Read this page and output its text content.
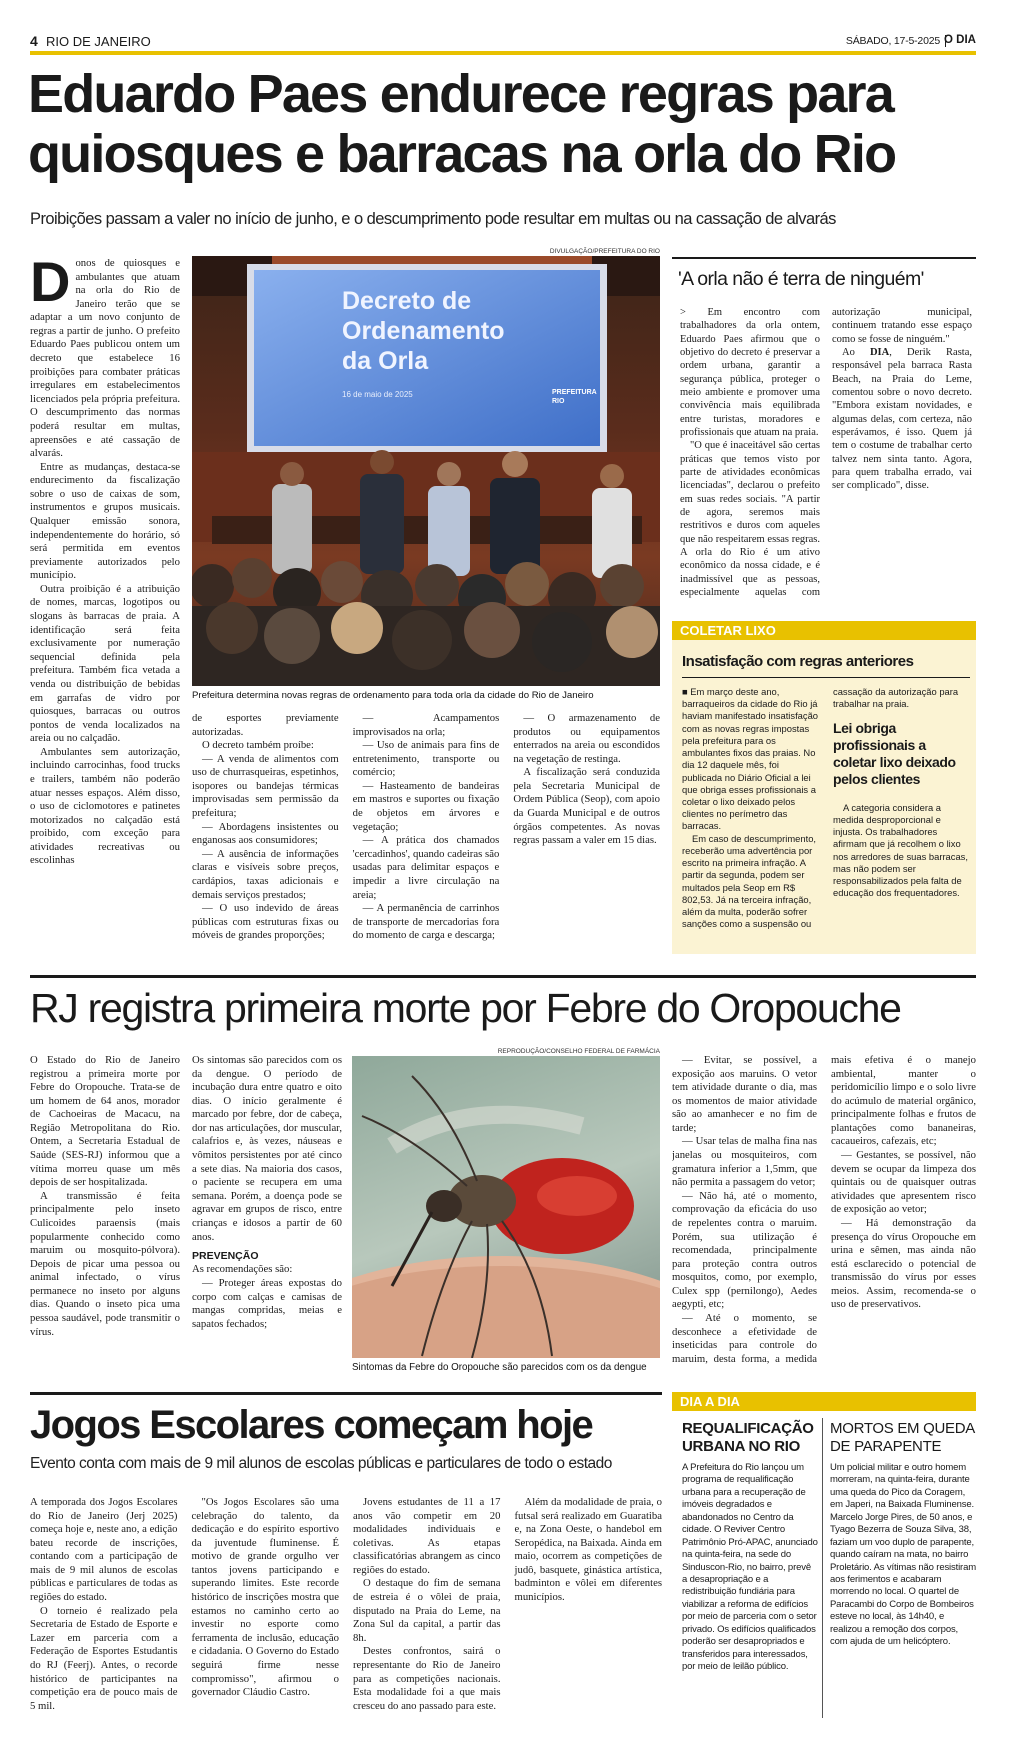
4 RIO DE JANEIRO	SÁBADO, 17-5-2025 O DIA
Eduardo Paes endurece regras para
quiosques e barracas na orla do Rio
Proibições passam a valer no início de junho, e o descumprimento pode resultar em multas ou na cassação de alvarás
DIVULGAÇÃO/PREFEITURA DO RIO
Decreto de Ordenamento da Orla
16 de maio de 2025	PREFEITURA RIO
Prefeitura determina novas regras de ordenamento para toda orla da cidade do Rio de Janeiro

Donos de quiosques e ambulantes que atuam na orla do Rio de Janeiro terão que se adaptar a um novo conjunto de regras a partir de junho. O prefeito Eduardo Paes publicou ontem um decreto que estabelece 16 proibições para combater práticas irregulares em estabelecimentos licenciados pela própria prefeitura. O descumprimento das normas poderá resultar em multas, apreensões e até cassação de alvarás.

Entre as mudanças, destaca-se endurecimento da fiscalização sobre o uso de caixas de som, instrumentos e grupos musicais. Qualquer emissão sonora, independentemente do horário, só será permitida em eventos previamente autorizados pelo município.

Outra proibição é a atribuição de nomes, marcas, logotipos ou slogans às barracas de praia. A identificação será feita exclusivamente por numeração sequencial definida pela prefeitura. Também fica vetada a venda ou distribuição de bebidas em garrafas de vidro por quiosques, barracas ou outros pontos de venda localizados na areia ou no calçadão.

Ambulantes sem autorização, incluindo carrocinhas, food trucks e trailers, também não poderão atuar nesses espaços. Além disso, o uso de ciclomotores e patinetes motorizados no calçadão está proibido, com exceção para atividades recreativas ou escolinhas

de esportes previamente autorizadas.

O decreto também proíbe:

— A venda de alimentos com uso de churrasqueiras, espetinhos, isopores ou bandejas térmicas improvisadas sem permissão da prefeitura;

— Abordagens insistentes ou enganosas aos consumidores;

— A ausência de informações claras e visíveis sobre preços, cardápios, taxas adicionais e demais serviços prestados;

— O uso indevido de áreas públicas com estruturas fixas ou móveis de grandes proporções;

— Acampamentos improvisados na orla;

— Uso de animais para fins de entretenimento, transporte ou comércio;

— Hasteamento de bandeiras em mastros e suportes ou fixação de objetos em árvores e vegetação;

— A prática dos chamados 'cercadinhos', quando cadeiras são usadas para delimitar espaços e impedir a livre circulação na areia;

— A permanência de carrinhos de transporte de mercadorias fora do momento de carga e descarga;

— O armazenamento de produtos ou equipamentos enterrados na areia ou escondidos na vegetação de restinga.

A fiscalização será conduzida pela Secretaria Municipal de Ordem Pública (Seop), com apoio da Guarda Municipal e de outros órgãos competentes. As novas regras passam a valer em 15 dias.

'A orla não é terra de ninguém'

> Em encontro com trabalhadores da orla ontem, Eduardo Paes afirmou que o objetivo do decreto é preservar a ordem urbana, garantir a segurança pública, proteger o meio ambiente e promover uma convivência mais equilibrada entre turistas, moradores e profissionais que atuam na praia.

"O que é inaceitável são certas práticas que temos visto por parte de atividades econômicas licenciadas", declarou o prefeito em suas redes sociais. "A partir de agora, seremos mais restritivos e duros com aqueles que não respeitarem essas regras. A orla do Rio é um ativo econômico da nossa cidade, e é inadmissível que as pessoas, especialmente aquelas com autorização municipal, continuem tratando esse espaço como se fosse de ninguém."

Ao DIA, Derik Rasta, responsável pela barraca Rasta Beach, na Praia do Leme, comentou sobre o novo decreto. "Embora existam novidades, e algumas delas, com certeza, não esperávamos, é isso. Quem já tem o costume de trabalhar certo talvez nem sinta tanto. Agora, para quem trabalha errado, vai ser complicado", disse.

COLETAR LIXO
Insatisfação com regras anteriores

■ Em março deste ano, barraqueiros da cidade do Rio já haviam manifestado insatisfação com as novas regras impostas pela prefeitura para os ambulantes fixos das praias. No dia 12 daquele mês, foi publicada no Diário Oficial a lei que obriga esses profissionais a coletar o lixo deixado pelos clientes no perímetro das barracas.

Em caso de descumprimento, receberão uma advertência por escrito na primeira infração. A partir da segunda, podem ser multados pela Seop em R$ 802,53. Já na terceira infração, além da multa, poderão sofrer sanções como a suspensão ou cassação da autorização para trabalhar na praia.

Lei obriga profissionais a coletar lixo deixado pelos clientes

A categoria considera a medida desproporcional e injusta. Os trabalhadores afirmam que já recolhem o lixo nos arredores de suas barracas, mas não podem ser responsabilizados pela falta de educação dos frequentadores.

RJ registra primeira morte por Febre do Oropouche
REPRODUÇÃO/CONSELHO FEDERAL DE FARMÁCIA
Sintomas da Febre do Oropouche são parecidos com os da dengue

O Estado do Rio de Janeiro registrou a primeira morte por Febre do Oropouche. Trata-se de um homem de 64 anos, morador de Cachoeiras de Macacu, na Região Metropolitana do Rio. Ontem, a Secretaria Estadual de Saúde (SES-RJ) informou que a vítima morreu quase um mês depois de ser hospitalizada.

A transmissão é feita principalmente pelo inseto Culicoides paraensis (mais popularmente conhecido como maruim ou mosquito-pólvora). Depois de picar uma pessoa ou animal infectado, o vírus permanece no inseto por alguns dias. Quando o inseto pica uma pessoa saudável, pode transmitir o vírus.

Os sintomas são parecidos com os da dengue. O período de incubação dura entre quatro e oito dias. O início geralmente é marcado por febre, dor de cabeça, dor nas articulações, dor muscular, calafrios e, às vezes, náuseas e vômitos persistentes por até cinco a sete dias. Na maioria dos casos, o paciente se recupera em uma semana. Porém, a doença pode se agravar em grupos de risco, entre crianças e idosos a partir de 60 anos.

PREVENÇÃO

As recomendações são:

— Proteger áreas expostas do corpo com calças e camisas de mangas compridas, meias e sapatos fechados;

— Evitar, se possível, a exposição aos maruins. O vetor tem atividade durante o dia, mas os momentos de maior atividade são ao amanhecer e no fim de tarde;

— Usar telas de malha fina nas janelas ou mosquiteiros, com gramatura inferior a 1,5mm, que não permita a passagem do vetor;

— Não há, até o momento, comprovação da eficácia do uso de repelentes contra o maruim. Porém, sua utilização é recomendada, principalmente para proteção contra outros mosquitos, como, por exemplo, Culex spp (pernilongo), Aedes aegypti, etc;

— Até o momento, se desconhece a efetividade de inseticidas para controle do maruim, desta forma, a medida mais efetiva é o manejo ambiental, manter o peridomicílio limpo e o solo livre do acúmulo de material orgânico, principalmente folhas e frutos de plantações como bananeiras, cacaueiros, cafezais, etc;

— Gestantes, se possível, não devem se ocupar da limpeza dos quintais ou de quaisquer outras atividades que apresentem risco de exposição ao vetor;

— Há demonstração da presença do vírus Oropouche em urina e sêmen, mas ainda não está esclarecido o potencial de transmissão do vírus por esses meios. Assim, recomenda-se o uso de preservativos.

Jogos Escolares começam hoje
Evento conta com mais de 9 mil alunos de escolas públicas e particulares de todo o estado

A temporada dos Jogos Escolares do Rio de Janeiro (Jerj 2025) começa hoje e, neste ano, a edição bateu recorde de inscrições, contando com a participação de mais de 9 mil alunos de escolas públicas e particulares de todas as regiões do estado.

O torneio é realizado pela Secretaria de Estado de Esporte e Lazer em parceria com a Federação de Esportes Estudantis do RJ (Feerj). Antes, o recorde histórico de participantes na competição era de pouco mais de 5 mil.

"Os Jogos Escolares são uma celebração do talento, da dedicação e do espírito esportivo da juventude fluminense. É motivo de grande orgulho ver tantos jovens participando e superando limites. Este recorde histórico de inscrições mostra que estamos no caminho certo ao investir no esporte como ferramenta de inclusão, educação e cidadania. O Governo do Estado seguirá firme nesse compromisso", afirmou o governador Cláudio Castro.

Jovens estudantes de 11 a 17 anos vão competir em 20 modalidades individuais e coletivas. As etapas classificatórias abrangem as cinco regiões do estado.

O destaque do fim de semana de estreia é o vôlei de praia, disputado na Praia do Leme, na Zona Sul da capital, a partir das 8h.

Destes confrontos, sairá o representante do Rio de Janeiro para as competições nacionais. Esta modalidade foi a que mais cresceu do ano passado para este.

Além da modalidade de praia, o futsal será realizado em Guaratiba e, na Zona Oeste, o handebol em Seropédica, na Baixada. Ainda em maio, ocorrem as competições de judô, basquete, ginástica artística, badminton e vôlei em diferentes municípios.

DIA A DIA
REQUALIFICAÇÃO URBANA NO RIO
A Prefeitura do Rio lançou um programa de requalificação urbana para a recuperação de imóveis degradados e abandonados no Centro da cidade. O Reviver Centro Patrimônio Pró-APAC, anunciado na quinta-feira, na sede do Sinduscon-Rio, no bairro, prevê a desapropriação e a redistribuição fundiária para viabilizar a reforma de edifícios por meio de parceria com o setor privado. Os edifícios qualificados poderão ser desapropriados e transferidos para interessados, por meio de leilão público.
MORTOS EM QUEDA DE PARAPENTE
Um policial militar e outro homem morreram, na quinta-feira, durante uma queda do Pico da Coragem, em Japeri, na Baixada Fluminense. Marcelo Jorge Pires, de 50 anos, e Tyago Bezerra de Souza Silva, 38, faziam um voo duplo de parapente, quando caíram na mata, no bairro Proletário. As vítimas não resistiram aos ferimentos e acabaram morrendo no local. O quartel de Paracambi do Corpo de Bombeiros esteve no local, às 14h40, e realizou a remoção dos corpos, com ajuda de um helicóptero.
